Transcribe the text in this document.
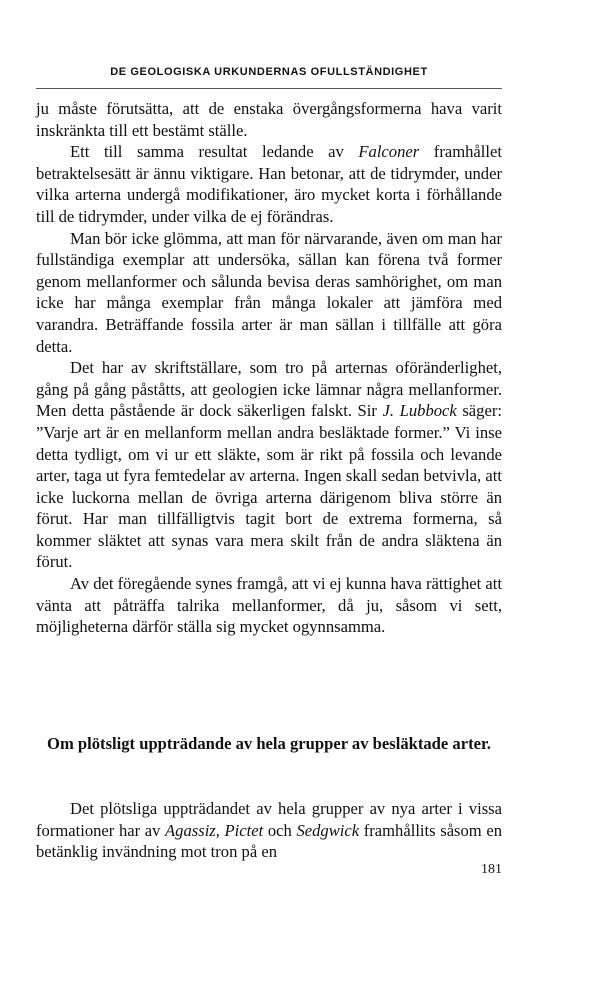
DE GEOLOGISKA URKUNDERNAS OFULLSTÄNDIGHET

ju måste förutsätta, att de enstaka övergångsformerna hava varit inskränkta till ett bestämt ställe.

Ett till samma resultat ledande av Falconer framhållet betraktelsesätt är ännu viktigare. Han betonar, att de tidrymder, under vilka arterna undergå modifikationer, äro mycket korta i förhållande till de tidrymder, under vilka de ej förändras.

Man bör icke glömma, att man för närvarande, även om man har fullständiga exemplar att undersöka, sällan kan förena två former genom mellanformer och sålunda bevisa deras samhörighet, om man icke har många exemplar från många lokaler att jämföra med varandra. Beträffande fossila arter är man sällan i tillfälle att göra detta.

Det har av skriftställare, som tro på arternas oföränderlighet, gång på gång påståtts, att geologien icke lämnar några mellanformer. Men detta påstående är dock säkerligen falskt. Sir J. Lubbock säger: ”Varje art är en mellanform mellan andra besläktade former.” Vi inse detta tydligt, om vi ur ett släkte, som är rikt på fossila och levande arter, taga ut fyra femtedelar av arterna. Ingen skall sedan betvivla, att icke luckorna mellan de övriga arterna därigenom bliva större än förut. Har man tillfälligtvis tagit bort de extrema formerna, så kommer släktet att synas vara mera skilt från de andra släktena än förut.

Av det föregående synes framgå, att vi ej kunna hava rättighet att vänta att påträffa talrika mellanformer, då ju, såsom vi sett, möjligheterna därför ställa sig mycket ogynnsamma.

Om plötsligt uppträdande av hela grupper av besläktade arter.

Det plötsliga uppträdandet av hela grupper av nya arter i vissa formationer har av Agassiz, Pictet och Sedgwick framhållits såsom en betänklig invändning mot tron på en

181
